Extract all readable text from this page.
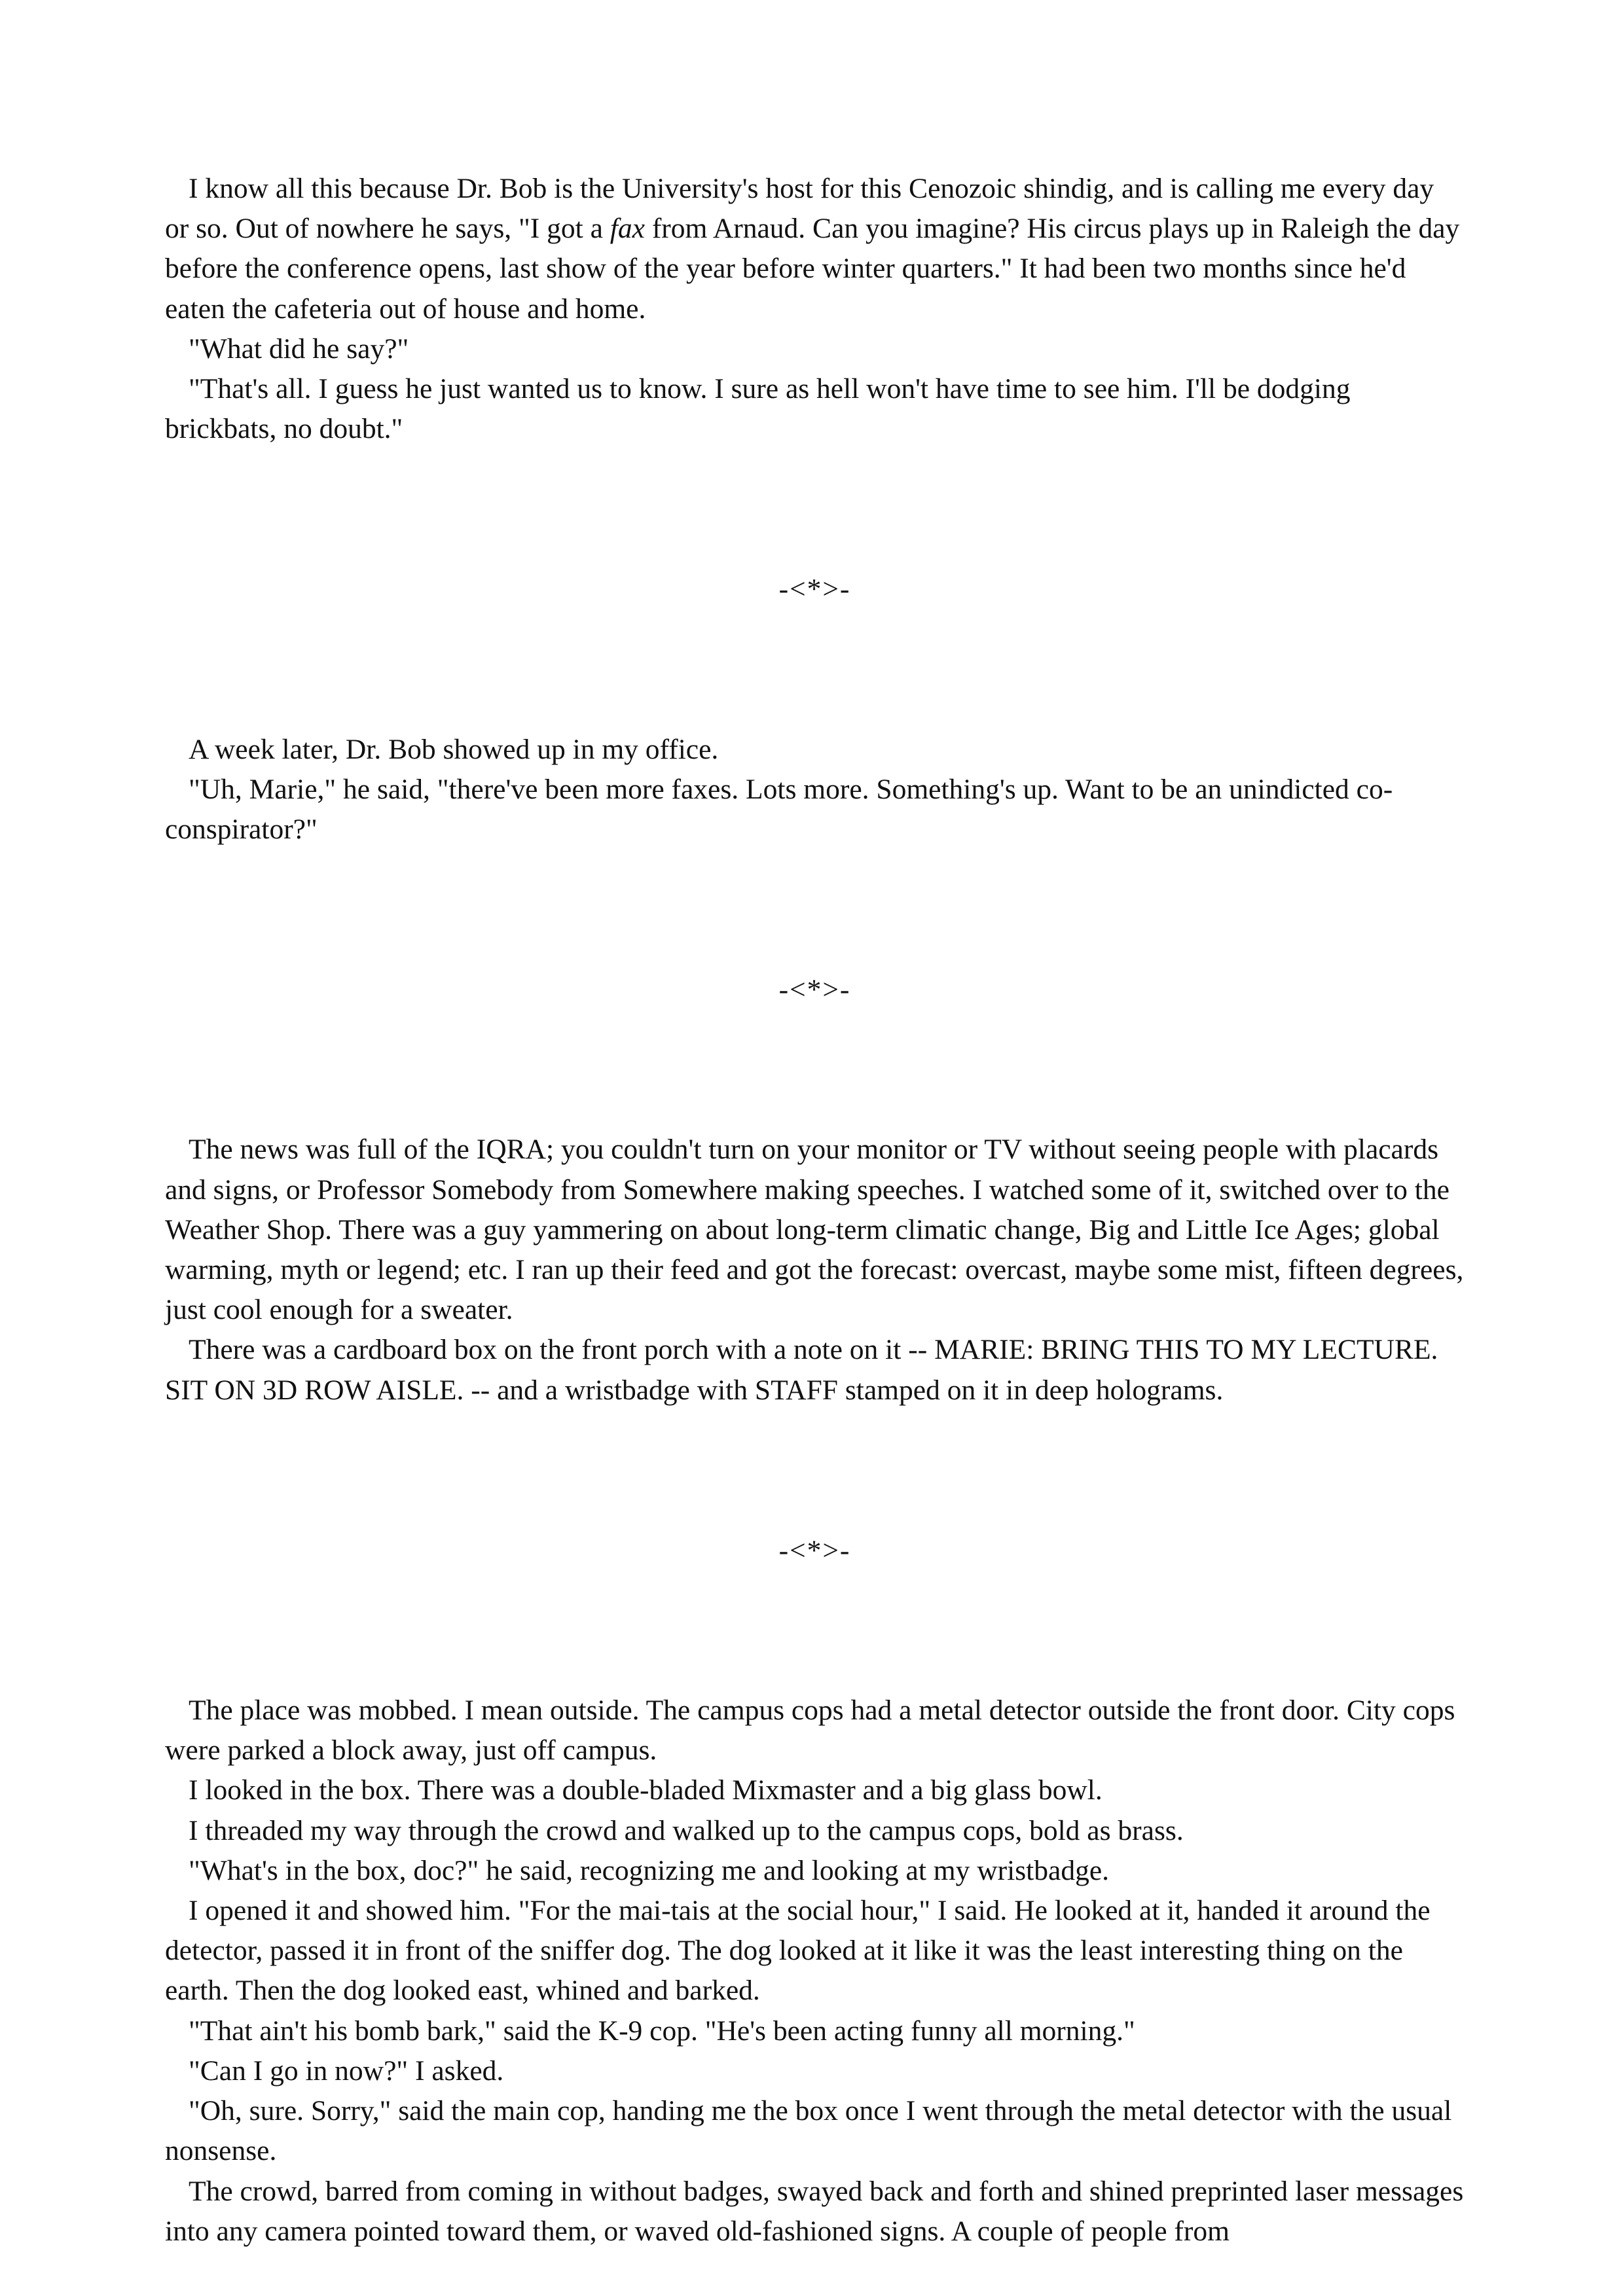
I know all this because Dr. Bob is the University's host for this Cenozoic shindig, and is calling me every day or so. Out of nowhere he says, "I got a fax from Arnaud. Can you imagine? His circus plays up in Raleigh the day before the conference opens, last show of the year before winter quarters." It had been two months since he'd eaten the cafeteria out of house and home.

"What did he say?"

"That's all. I guess he just wanted us to know. I sure as hell won't have time to see him. I'll be dodging brickbats, no doubt."

-<*>-

A week later, Dr. Bob showed up in my office.

"Uh, Marie," he said, "there've been more faxes. Lots more. Something's up. Want to be an unindicted co-conspirator?"

-<*>-

The news was full of the IQRA; you couldn't turn on your monitor or TV without seeing people with placards and signs, or Professor Somebody from Somewhere making speeches. I watched some of it, switched over to the Weather Shop. There was a guy yammering on about long-term climatic change, Big and Little Ice Ages; global warming, myth or legend; etc. I ran up their feed and got the forecast: overcast, maybe some mist, fifteen degrees, just cool enough for a sweater.

There was a cardboard box on the front porch with a note on it -- MARIE: BRING THIS TO MY LECTURE. SIT ON 3D ROW AISLE. -- and a wristbadge with STAFF stamped on it in deep holograms.

-<*>-

The place was mobbed. I mean outside. The campus cops had a metal detector outside the front door. City cops were parked a block away, just off campus.

I looked in the box. There was a double-bladed Mixmaster and a big glass bowl.

I threaded my way through the crowd and walked up to the campus cops, bold as brass.

"What's in the box, doc?" he said, recognizing me and looking at my wristbadge.

I opened it and showed him. "For the mai-tais at the social hour," I said. He looked at it, handed it around the detector, passed it in front of the sniffer dog. The dog looked at it like it was the least interesting thing on the earth. Then the dog looked east, whined and barked.

"That ain't his bomb bark," said the K-9 cop. "He's been acting funny all morning."

"Can I go in now?" I asked.

"Oh, sure. Sorry," said the main cop, handing me the box once I went through the metal detector with the usual nonsense.

The crowd, barred from coming in without badges, swayed back and forth and shined preprinted laser messages into any camera pointed toward them, or waved old-fashioned signs. A couple of people from
